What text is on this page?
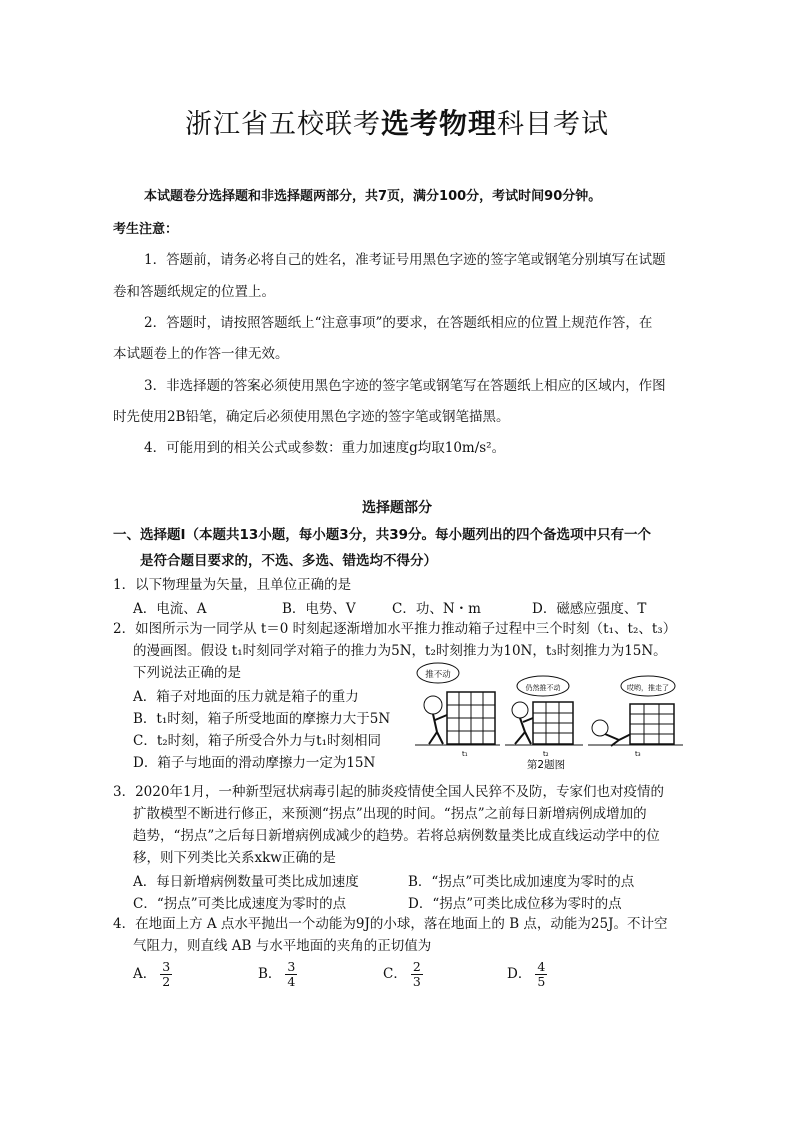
浙江省五校联考选考物理科目考试
本试题卷分选择题和非选择题两部分，共7页，满分100分，考试时间90分钟。
考生注意：
1．答题前，请务必将自己的姓名，准考证号用黑色字迹的签字笔或钢笔分别填写在试题
卷和答题纸规定的位置上。
2．答题时，请按照答题纸上“注意事项”的要求，在答题纸相应的位置上规范作答，在
本试题卷上的作答一律无效。
3．非选择题的答案必须使用黑色字迹的签字笔或钢笔写在答题纸上相应的区域内，作图
时先使用2B铅笔，确定后必须使用黑色字迹的签字笔或钢笔描黑。
4．可能用到的相关公式或参数：重力加速度g均取10m/s²。
选择题部分
一、选择题I（本题共13小题，每小题3分，共39分。每小题列出的四个备选项中只有一个
是符合题目要求的，不选、多选、错选均不得分）
1．以下物理量为矢量，且单位正确的是
A．电流、A	B．电势、V	C．功、N・m	D．磁感应强度、T
2．如图所示为一同学从 t＝0 时刻起逐渐增加水平推力推动箱子过程中三个时刻（t₁、t₂、t₃）
的漫画图。假设 t₁时刻同学对箱子的推力为5N，t₂时刻推力为10N，t₃时刻推力为15N。
下列说法正确的是
A．箱子对地面的压力就是箱子的重力
B．t₁时刻，箱子所受地面的摩擦力大于5N
C．t₂时刻，箱子所受合外力与t₁时刻相同
D．箱子与地面的滑动摩擦力一定为15N
推不动
t₁
仍然推不动
t₂
哎哟，推走了
t₃
第2题图
3．2020年1月，一种新型冠状病毒引起的肺炎疫情使全国人民猝不及防，专家们也对疫情的
扩散模型不断进行修正，来预测“拐点”出现的时间。“拐点”之前每日新增病例成增加的
趋势，“拐点”之后每日新增病例成减少的趋势。若将总病例数量类比成直线运动学中的位
移，则下列类比关系xkw正确的是
A．每日新增病例数量可类比成加速度	B．“拐点”可类比成加速度为零时的点
C．“拐点”可类比成速度为零时的点	D．“拐点”可类比成位移为零时的点
4．在地面上方 A 点水平抛出一个动能为9J的小球，落在地面上的 B 点，动能为25J。不计空
气阻力，则直线 AB 与水平地面的夹角的正切值为
A． $\frac{3}{2}$	B． $\frac{3}{4}$	C． $\frac{2}{3}$	D． $\frac{4}{5}$
